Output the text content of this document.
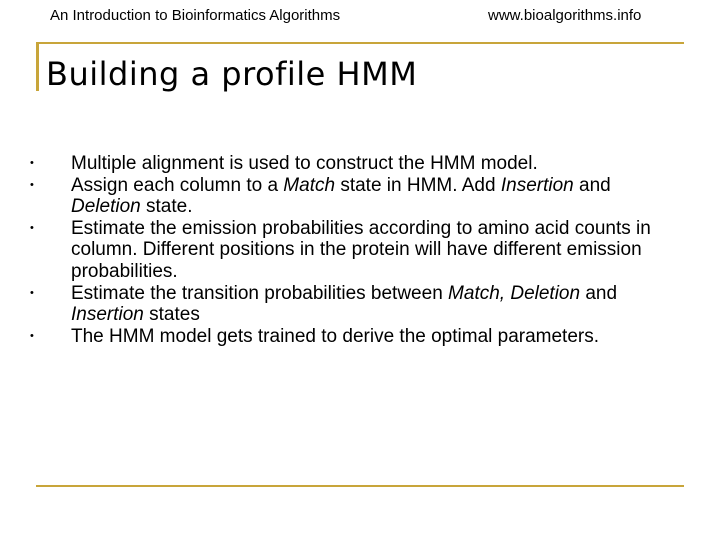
An Introduction to Bioinformatics Algorithms	www.bioalgorithms.info
Building a profile HMM
• Multiple alignment is used to construct the HMM model.
• Assign each column to a Match state in HMM. Add Insertion and Deletion state.
• Estimate the emission probabilities according to amino acid counts in column. Different positions in the protein will have different emission probabilities.
• Estimate the transition probabilities between Match, Deletion and Insertion states
• The HMM model gets trained to derive the optimal parameters.
